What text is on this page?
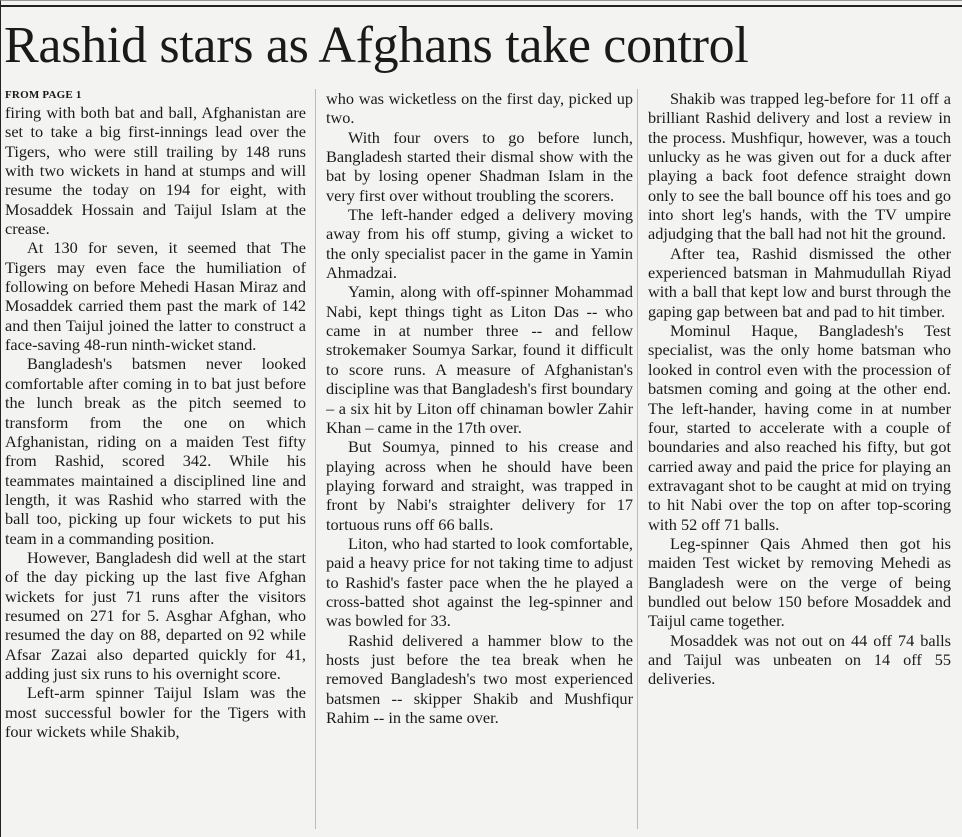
Rashid stars as Afghans take control
FROM PAGE 1

firing with both bat and ball, Afghanistan are set to take a big first-innings lead over the Tigers, who were still trailing by 148 runs with two wickets in hand at stumps and will resume the today on 194 for eight, with Mosaddek Hossain and Taijul Islam at the crease.

At 130 for seven, it seemed that The Tigers may even face the humiliation of following on before Mehedi Hasan Miraz and Mosaddek carried them past the mark of 142 and then Taijul joined the latter to construct a face-saving 48-run ninth-wicket stand.

Bangladesh's batsmen never looked comfortable after coming in to bat just before the lunch break as the pitch seemed to transform from the one on which Afghanistan, riding on a maiden Test fifty from Rashid, scored 342. While his teammates maintained a disciplined line and length, it was Rashid who starred with the ball too, picking up four wickets to put his team in a commanding position.

However, Bangladesh did well at the start of the day picking up the last five Afghan wickets for just 71 runs after the visitors resumed on 271 for 5. Asghar Afghan, who resumed the day on 88, departed on 92 while Afsar Zazai also departed quickly for 41, adding just six runs to his overnight score.

Left-arm spinner Taijul Islam was the most successful bowler for the Tigers with four wickets while Shakib,

who was wicketless on the first day, picked up two.

With four overs to go before lunch, Bangladesh started their dismal show with the bat by losing opener Shadman Islam in the very first over without troubling the scorers.

The left-hander edged a delivery moving away from his off stump, giving a wicket to the only specialist pacer in the game in Yamin Ahmadzai.

Yamin, along with off-spinner Mohammad Nabi, kept things tight as Liton Das -- who came in at number three -- and fellow strokemaker Soumya Sarkar, found it difficult to score runs. A measure of Afghanistan's discipline was that Bangladesh's first boundary – a six hit by Liton off chinaman bowler Zahir Khan – came in the 17th over.

But Soumya, pinned to his crease and playing across when he should have been playing forward and straight, was trapped in front by Nabi's straighter delivery for 17 tortuous runs off 66 balls.

Liton, who had started to look comfortable, paid a heavy price for not taking time to adjust to Rashid's faster pace when the he played a cross-batted shot against the leg-spinner and was bowled for 33.

Rashid delivered a hammer blow to the hosts just before the tea break when he removed Bangladesh's two most experienced batsmen -- skipper Shakib and Mushfiqur Rahim -- in the same over.

Shakib was trapped leg-before for 11 off a brilliant Rashid delivery and lost a review in the process. Mushfiqur, however, was a touch unlucky as he was given out for a duck after playing a back foot defence straight down only to see the ball bounce off his toes and go into short leg's hands, with the TV umpire adjudging that the ball had not hit the ground.

After tea, Rashid dismissed the other experienced batsman in Mahmudullah Riyad with a ball that kept low and burst through the gaping gap between bat and pad to hit timber.

Mominul Haque, Bangladesh's Test specialist, was the only home batsman who looked in control even with the procession of batsmen coming and going at the other end. The left-hander, having come in at number four, started to accelerate with a couple of boundaries and also reached his fifty, but got carried away and paid the price for playing an extravagant shot to be caught at mid on trying to hit Nabi over the top on after top-scoring with 52 off 71 balls.

Leg-spinner Qais Ahmed then got his maiden Test wicket by removing Mehedi as Bangladesh were on the verge of being bundled out below 150 before Mosaddek and Taijul came together.

Mosaddek was not out on 44 off 74 balls and Taijul was unbeaten on 14 off 55 deliveries.
